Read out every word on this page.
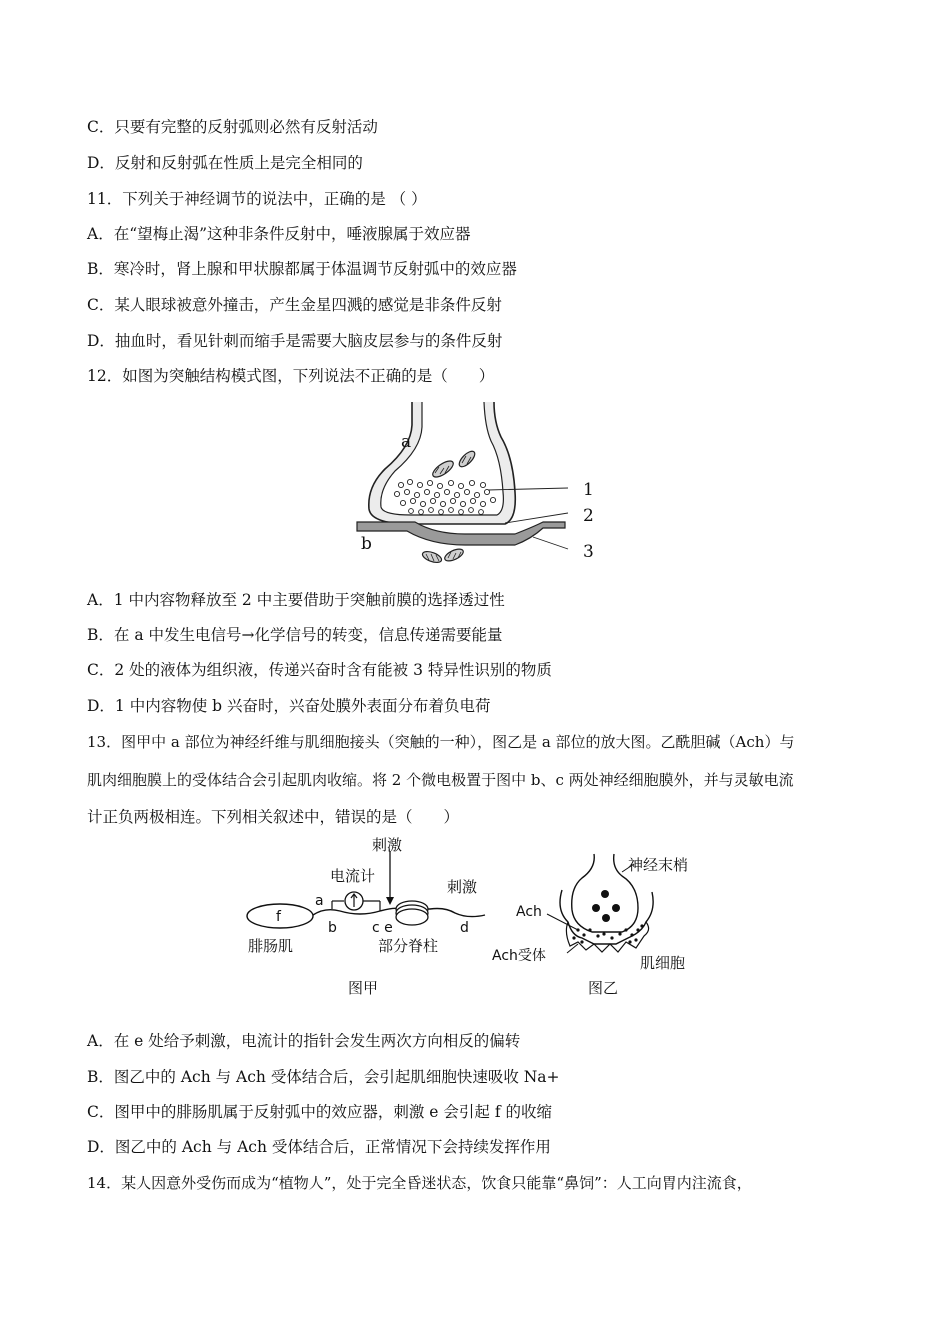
C．只要有完整的反射弧则必然有反射活动
D．反射和反射弧在性质上是完全相同的
11．下列关于神经调节的说法中，正确的是 （ ）
A．在“望梅止渴”这种非条件反射中，唾液腺属于效应器
B．寒冷时，肾上腺和甲状腺都属于体温调节反射弧中的效应器
C．某人眼球被意外撞击，产生金星四溅的感觉是非条件反射
D．抽血时，看见针刺而缩手是需要大脑皮层参与的条件反射
12．如图为突触结构模式图，下列说法不正确的是（　　）
a
b
1
2
3
A．1 中内容物释放至 2 中主要借助于突触前膜的选择透过性
B．在 a 中发生电信号→化学信号的转变，信息传递需要能量
C．2 处的液体为组织液，传递兴奋时含有能被 3 特异性识别的物质
D．1 中内容物使 b 兴奋时，兴奋处膜外表面分布着负电荷
13．图甲中 a 部位为神经纤维与肌细胞接头（突触的一种），图乙是 a 部位的放大图。乙酰胆碱（Ach）与
肌肉细胞膜上的受体结合会引起肌肉收缩。将 2 个微电极置于图中 b、c 两处神经细胞膜外，并与灵敏电流
计正负两极相连。下列相关叙述中，错误的是（　　）
刺激
电流计
刺激
f
a
b	c e	d
腓肠肌	部分脊柱
图甲
神经末梢
Ach
Ach受体	肌细胞
图乙
A．在 e 处给予刺激，电流计的指针会发生两次方向相反的偏转
B．图乙中的 Ach 与 Ach 受体结合后，会引起肌细胞快速吸收 Na+
C．图甲中的腓肠肌属于反射弧中的效应器，刺激 e 会引起 f 的收缩
D．图乙中的 Ach 与 Ach 受体结合后，正常情况下会持续发挥作用
14．某人因意外受伤而成为“植物人”，处于完全昏迷状态，饮食只能靠“鼻饲”：人工向胃内注流食，
